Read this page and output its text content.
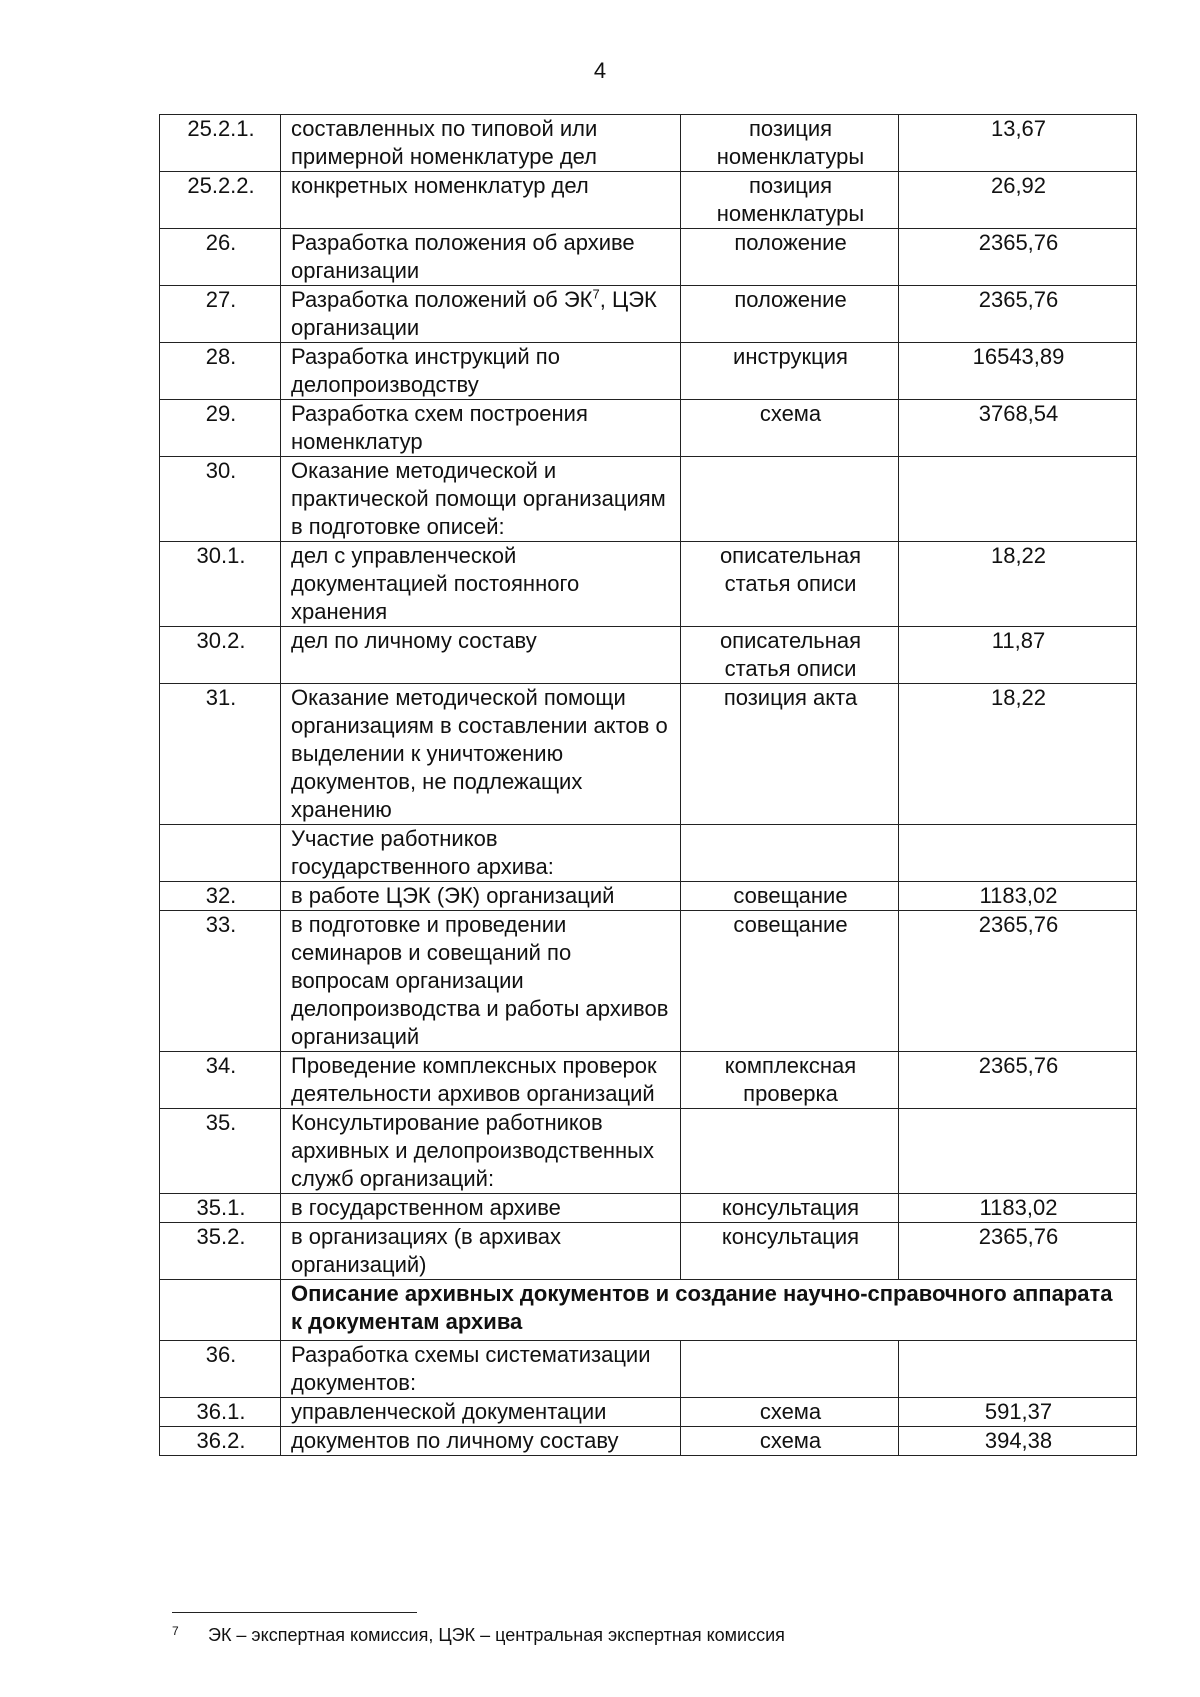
4
25.2.1.	составленных по типовой или примерной номенклатуре дел	позиция номенклатуры	13,67
25.2.2.	конкретных номенклатур дел	позиция номенклатуры	26,92
26.	Разработка положения об архиве организации	положение	2365,76
27.	Разработка положений об $ЭК^7$, ЦЭК организации	положение	2365,76
28.	Разработка инструкций по делопроизводству	инструкция	16543,89
29.	Разработка схем построения номенклатур	схема	3768,54
30.	Оказание методической и практической помощи организациям в подготовке описей:		
30.1.	дел с управленческой документацией постоянного хранения	описательная статья описи	18,22
30.2.	дел по личному составу	описательная статья описи	11,87
31.	Оказание методической помощи организациям в составлении актов о выделении к уничтожению документов, не подлежащих хранению	позиция акта	18,22
	Участие работников государственного архива:		
32.	в работе ЦЭК (ЭК) организаций	совещание	1183,02
33.	в подготовке и проведении семинаров и совещаний по вопросам организации делопроизводства и работы архивов организаций	совещание	2365,76
34.	Проведение комплексных проверок деятельности архивов организаций	комплексная проверка	2365,76
35.	Консультирование работников архивных и делопроизводственных служб организаций:		
35.1.	в государственном архиве	консультация	1183,02
35.2.	в организациях (в архивах организаций)	консультация	2365,76
	Описание архивных документов и создание научно-справочного аппарата к документам архива		
36.	Разработка схемы систематизации документов:		
36.1.	управленческой документации	схема	591,37
36.2.	документов по личному составу	схема	394,38
7 ЭК – экспертная комиссия, ЦЭК – центральная экспертная комиссия
